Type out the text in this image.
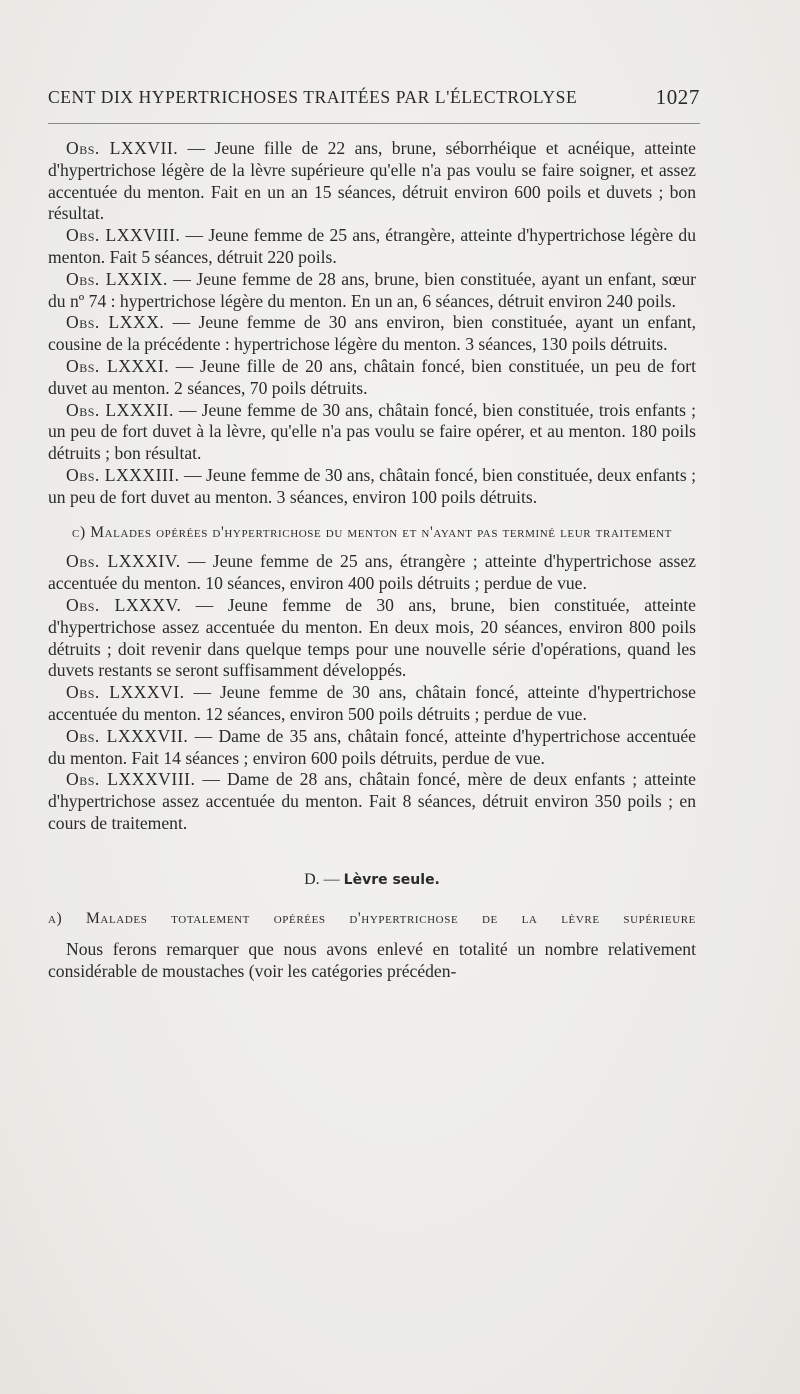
CENT DIX HYPERTRICHOSES TRAITÉES PAR L'ÉLECTROLYSE	1027

Obs. LXXVII. — Jeune fille de 22 ans, brune, séborrhéique et acnéique, atteinte d'hypertrichose légère de la lèvre supérieure qu'elle n'a pas voulu se faire soigner, et assez accentuée du menton. Fait en un an 15 séances, détruit environ 600 poils et duvets ; bon résultat.

Obs. LXXVIII. — Jeune femme de 25 ans, étrangère, atteinte d'hypertrichose légère du menton. Fait 5 séances, détruit 220 poils.

Obs. LXXIX. — Jeune femme de 28 ans, brune, bien constituée, ayant un enfant, sœur du nº 74 : hypertrichose légère du menton. En un an, 6 séances, détruit environ 240 poils.

Obs. LXXX. — Jeune femme de 30 ans environ, bien constituée, ayant un enfant, cousine de la précédente : hypertrichose légère du menton. 3 séances, 130 poils détruits.

Obs. LXXXI. — Jeune fille de 20 ans, châtain foncé, bien constituée, un peu de fort duvet au menton. 2 séances, 70 poils détruits.

Obs. LXXXII. — Jeune femme de 30 ans, châtain foncé, bien constituée, trois enfants ; un peu de fort duvet à la lèvre, qu'elle n'a pas voulu se faire opérer, et au menton. 180 poils détruits ; bon résultat.

Obs. LXXXIII. — Jeune femme de 30 ans, châtain foncé, bien constituée, deux enfants ; un peu de fort duvet au menton. 3 séances, environ 100 poils détruits.

c) Malades opérées d'hypertrichose du menton et n'ayant pas terminé leur traitement

Obs. LXXXIV. — Jeune femme de 25 ans, étrangère ; atteinte d'hypertrichose assez accentuée du menton. 10 séances, environ 400 poils détruits ; perdue de vue.

Obs. LXXXV. — Jeune femme de 30 ans, brune, bien constituée, atteinte d'hypertrichose assez accentuée du menton. En deux mois, 20 séances, environ 800 poils détruits ; doit revenir dans quelque temps pour une nouvelle série d'opérations, quand les duvets restants se seront suffisamment développés.

Obs. LXXXVI. — Jeune femme de 30 ans, châtain foncé, atteinte d'hypertrichose accentuée du menton. 12 séances, environ 500 poils détruits ; perdue de vue.

Obs. LXXXVII. — Dame de 35 ans, châtain foncé, atteinte d'hypertrichose accentuée du menton. Fait 14 séances ; environ 600 poils détruits, perdue de vue.

Obs. LXXXVIII. — Dame de 28 ans, châtain foncé, mère de deux enfants ; atteinte d'hypertrichose assez accentuée du menton. Fait 8 séances, détruit environ 350 poils ; en cours de traitement.

D. — Lèvre seule.

a) Malades totalement opérées d'hypertrichose de la lèvre supérieure

Nous ferons remarquer que nous avons enlevé en totalité un nombre relativement considérable de moustaches (voir les catégories précéden-
